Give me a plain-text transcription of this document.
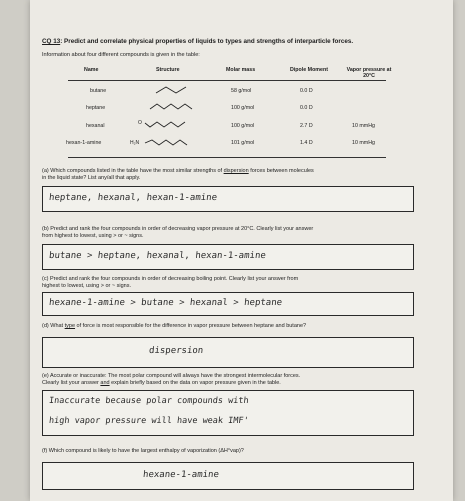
CQ 13: Predict and correlate physical properties of liquids to types and strengths of interparticle forces.
Information about four different compounds is given in the table:
Name	Structure	Molar mass	Dipole Moment	Vapor pressure at
20°C
butane	58 g/mol	0.0 D
heptane	100 g/mol	0.0 D
hexanal	O	100 g/mol	2.7 D	10 mmHg
hexan-1-amine	H₂N	101 g/mol	1.4 D	10 mmHg
(a) Which compounds listed in the table have the most similar strengths of dispersion forces between molecules
in the liquid state? List any/all that apply.
heptane, hexanal, hexan-1-amine
(b) Predict and rank the four compounds in order of decreasing vapor pressure at 20°C. Clearly list your answer
from highest to lowest, using > or ~ signs.
butane > heptane, hexanal, hexan-1-amine
(c) Predict and rank the four compounds in order of decreasing boiling point. Clearly list your answer from
highest to lowest, using > or ~ signs.
hexane-1-amine > butane > hexanal > heptane
(d) What type of force is most responsible for the difference in vapor pressure between heptane and butane?
dispersion
(e) Accurate or inaccurate: The most polar compound will always have the strongest intermolecular forces.
Clearly list your answer and explain briefly based on the data on vapor pressure given in the table.
Inaccurate because polar compounds with
high vapor pressure will have weak IMF'
(f) Which compound is likely to have the largest enthalpy of vaporization (ΔH°vap)?
hexane-1-amine
